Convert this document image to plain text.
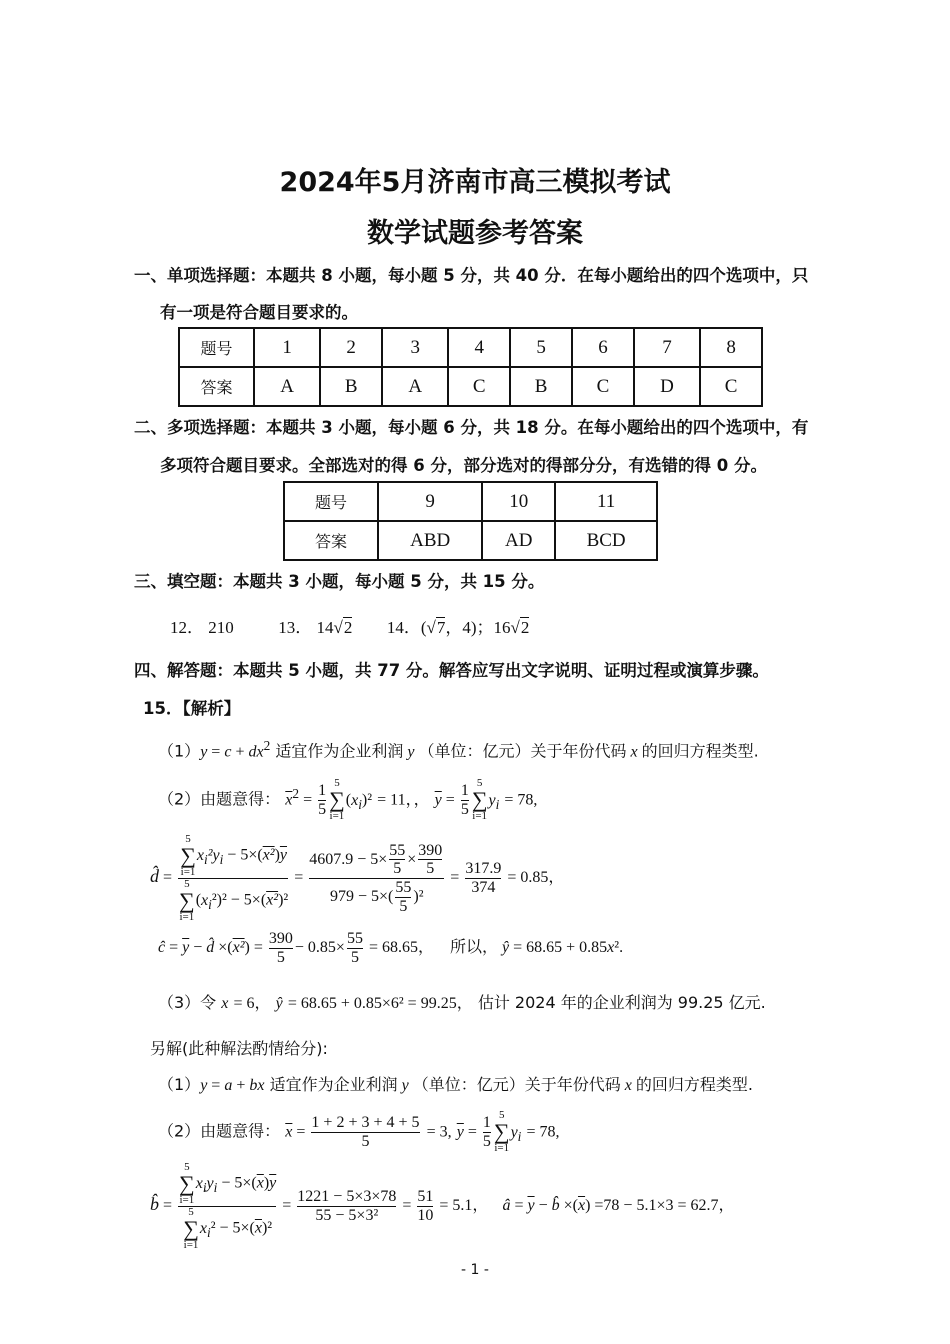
2024年5月济南市高三模拟考试
数学试题参考答案
一、单项选择题：本题共 8 小题，每小题 5 分，共 40 分．在每小题给出的四个选项中，只
有一项是符合题目要求的。
题号	1	2	3	4	5	6	7	8
答案	A	B	A	C	B	C	D	C
二、多项选择题：本题共 3 小题，每小题 6 分，共 18 分。在每小题给出的四个选项中，有
多项符合题目要求。全部选对的得 6 分，部分选对的得部分分，有选错的得 0 分。
题号	9	10	11
答案	ABD	AD	BCD
三、填空题：本题共 3 小题，每小题 5 分，共 15 分。
12． 210	13． 14√2 14．(√7，4)；16√2
四、解答题：本题共 5 小题，共 77 分。解答应写出文字说明、证明过程或演算步骤。
15．【解析】
$(1)y = c + dx^2$ 适宜作为企业利润 y （单位：亿元）关于年份代码 x 的回归方程类型.
（2）由题意得： $\overline{x}^2 = \frac{1}{5} 5$
∑
$i=1(x_i)^2 = 11$，， $\overline{y} = \frac{1}{5} 5$
∑
$i=1y_i = 78$,
d̂ = 5
∑
$i=1x_i^2y_i - 5\times(x^2)\overline{y}$
5
∑
$i=1(x_i^2)^2 - 5\times(x^2)^2 = \frac{4607.9 - 5\times \frac{55}{5} \times \frac{390}{5}}{979 - 5\times( \frac{55}{5} )^2} = \frac{317.9}{374} = 0.85$，
ĉ = $\overline{y}$ − d̂ $\times(x^2) = \frac{390}{5} - 0.85\times \frac{55}{5} = 68.65$， 所以， ŷ = 68.65 + 0.85x².
（3）令 x = 6， ŷ = 68.65 + 0.85×6² = 99.25， 估计 2024 年的企业利润为 99.25 亿元.
另解(此种解法酌情给分):
（1）y = a + bx 适宜作为企业利润 y （单位：亿元）关于年份代码 x 的回归方程类型.
（2）由题意得： $\overline{x} = \frac{1 + 2 + 3 + 4 + 5}{5} = 3$, $\overline{y} = \frac{1}{5} 5$
∑
$i=1y_i = 78$,
b̂ = 5
∑
$i=1x_iy_i - 5\times(\overline{x})\overline{y}$
5
∑
$i=1x_i^2 - 5\times(\overline{x})^2 = \frac{1221 - 5\times 3\times 78}{\text{55 − 5×3²}} = \frac{51}{10} = 5.1$， â = $\overline{y}$ − b̂ $\times(\overline{x}) =78 - 5.1\times 3 = 62.7$，
- 1 -
